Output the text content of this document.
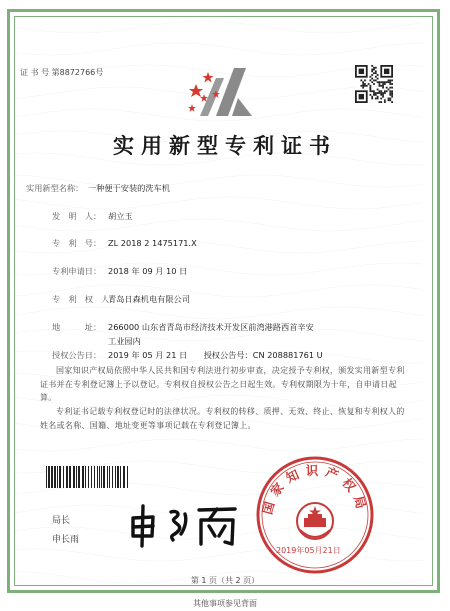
证 书 号 第8872766号
实用新型专利证书
实用新型名称： 一种便于安装的洗车机
发　明　人： 胡立玉
专　利　号： ZL 2018 2 1475171.X
专利申请日： 2018 年 09 月 10 日
专　利　权　人：青岛日森机电有限公司
地　　　址： 266000 山东省青岛市经济技术开发区前湾港路西首辛安
工业园内
授权公告日： 2019 年 05 月 21 日　　授权公告号：CN 208881761 U
国家知识产权局依照中华人民共和国专利法进行初步审查，决定授予专利权，颁发实用新型专利证书并在专利登记簿上予以登记。专利权自授权公告之日起生效。专利权期限为十年，自申请日起算。
专利证书记载专利权登记时的法律状况。专利权的转移、质押、无效、终止、恢复和专利权人的姓名或名称、国籍、地址变更等事项记载在专利登记簿上。
局长
申长雨
国家知识产权局
2019年05月21日
第 1 页（共 2 页）
其他事项参见背面
